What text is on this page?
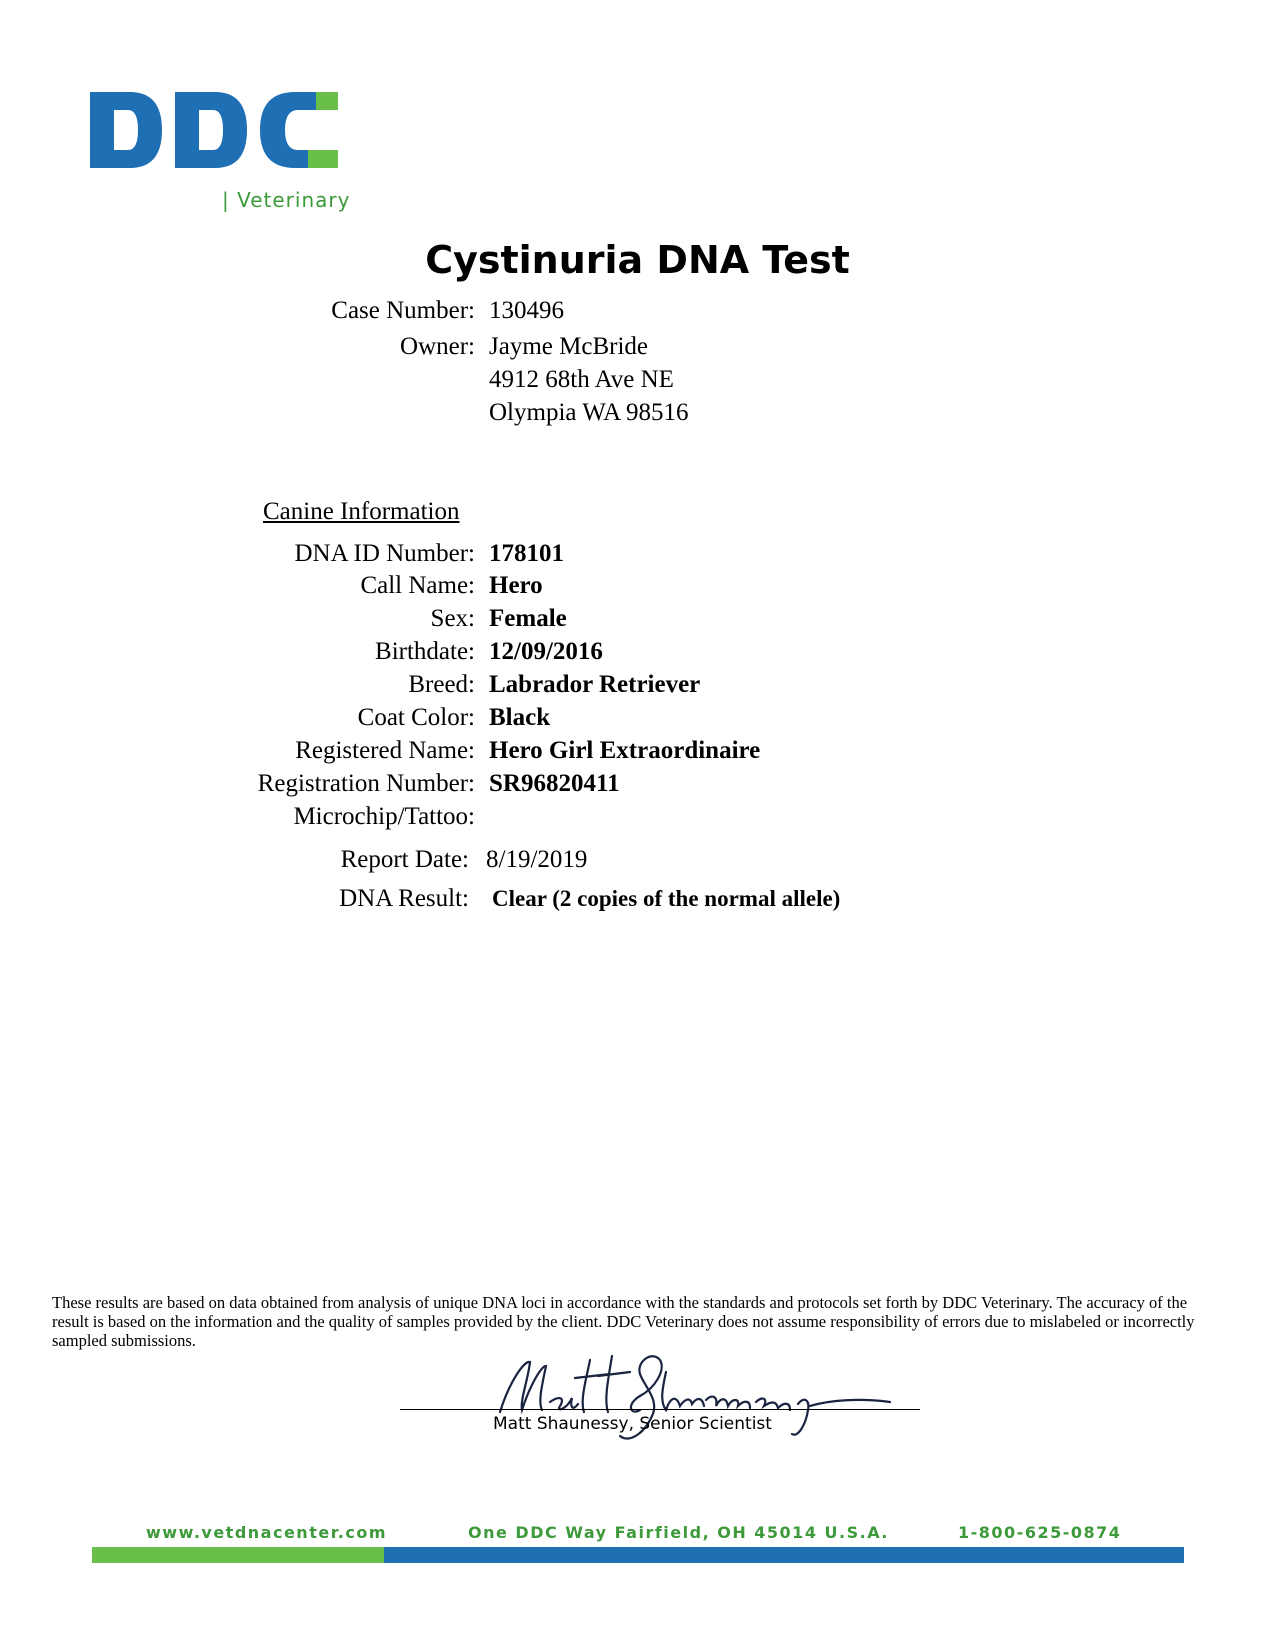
| Veterinary
Cystinuria DNA Test
Case Number: 130496
Owner: Jayme McBride
4912 68th Ave NE
Olympia WA 98516
Canine Information
DNA ID Number: 178101
Call Name: Hero
Sex: Female
Birthdate: 12/09/2016
Breed: Labrador Retriever
Coat Color: Black
Registered Name: Hero Girl Extraordinaire
Registration Number: SR96820411
Microchip/Tattoo:
Report Date: 8/19/2019
DNA Result: Clear (2 copies of the normal allele)
These results are based on data obtained from analysis of unique DNA loci in accordance with the standards and protocols set forth by DDC Veterinary. The accuracy of the result is based on the information and the quality of samples provided by the client. DDC Veterinary does not assume responsibility of errors due to mislabeled or incorrectly sampled submissions.
Matt Shaunessy, Senior Scientist
www.vetdnacenter.com	One DDC Way Fairfield, OH 45014 U.S.A.	1-800-625-0874
